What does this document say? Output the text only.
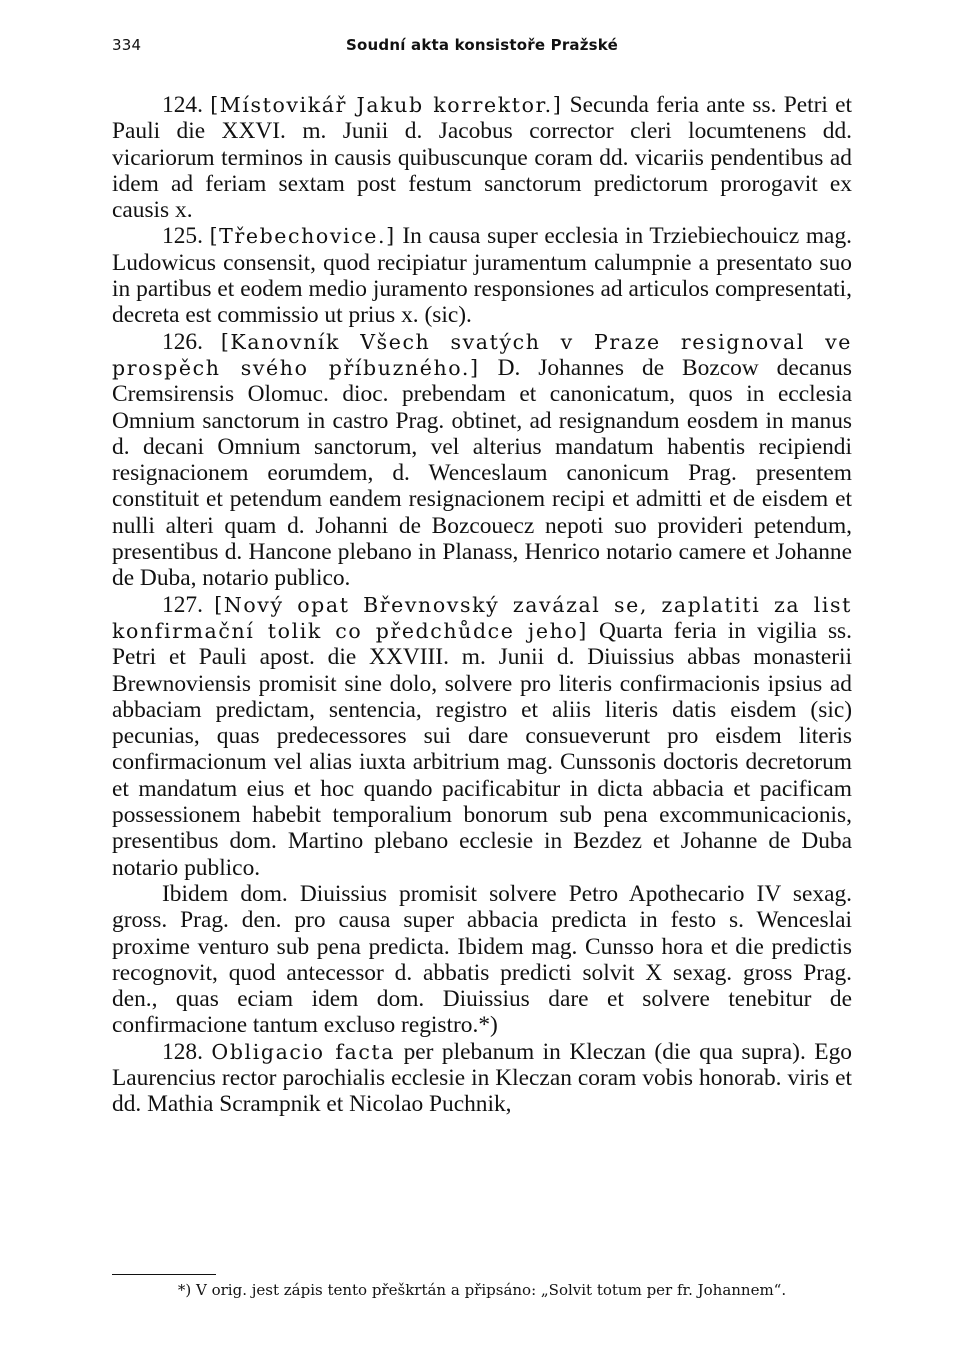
334	Soudní akta konsistoře Pražské

124. [Místovikář Jakub korrektor.] Secunda feria ante ss. Petri et Pauli die XXVI. m. Junii d. Jacobus corrector cleri locumtenens dd. vicariorum terminos in causis quibuscunque coram dd. vicariis pendentibus ad idem ad feriam sextam post festum sanctorum predictorum prorogavit ex causis x.

125. [Třebechovice.] In causa super ecclesia in Trziebiechouicz mag. Ludowicus consensit, quod recipiatur juramentum calumpnie a presentato suo in partibus et eodem medio juramento responsiones ad articulos compresentati, decreta est commissio ut prius x. (sic).

126. [Kanovník Všech svatých v Praze resignoval ve prospěch svého příbuzného.] D. Johannes de Bozcow decanus Cremsirensis Olomuc. dioc. prebendam et canonicatum, quos in ecclesia Omnium sanctorum in castro Prag. obtinet, ad resignandum eosdem in manus d. decani Omnium sanctorum, vel alterius mandatum habentis recipiendi resignacionem eorumdem, d. Wenceslaum canonicum Prag. presentem constituit et petendum eandem resignacionem recipi et admitti et de eisdem et nulli alteri quam d. Johanni de Bozcouecz nepoti suo provideri petendum, presentibus d. Hancone plebano in Planass, Henrico notario camere et Johanne de Duba, notario publico.

127. [Nový opat Břevnovský zavázal se, zaplatiti za list konfirmační tolik co předchůdce jeho] Quarta feria in vigilia ss. Petri et Pauli apost. die XXVIII. m. Junii d. Diuissius abbas monasterii Brewnoviensis promisit sine dolo, solvere pro literis confirmacionis ipsius ad abbaciam predictam, sentencia, registro et aliis literis datis eisdem (sic) pecunias, quas predecessores sui dare consueverunt pro eisdem literis confirmacionum vel alias iuxta arbitrium mag. Cunssonis doctoris decretorum et mandatum eius et hoc quando pacificabitur in dicta abbacia et pacificam possessionem habebit temporalium bonorum sub pena excommunicacionis, presentibus dom. Martino plebano ecclesie in Bezdez et Johanne de Duba notario publico.

Ibidem dom. Diuissius promisit solvere Petro Apothecario IV sexag. gross. Prag. den. pro causa super abbacia predicta in festo s. Wenceslai proxime venturo sub pena predicta. Ibidem mag. Cunsso hora et die predictis recognovit, quod antecessor d. abbatis predicti solvit X sexag. gross Prag. den., quas eciam idem dom. Diuissius dare et solvere tenebitur de confirmacione tantum excluso registro.*)

128. Obligacio facta per plebanum in Kleczan (die qua supra). Ego Laurencius rector parochialis ecclesie in Kleczan coram vobis honorab. viris et dd. Mathia Scrampnik et Nicolao Puchnik,

*) V orig. jest zápis tento přeškrtán a připsáno: „Solvit totum per fr. Johannem“.
